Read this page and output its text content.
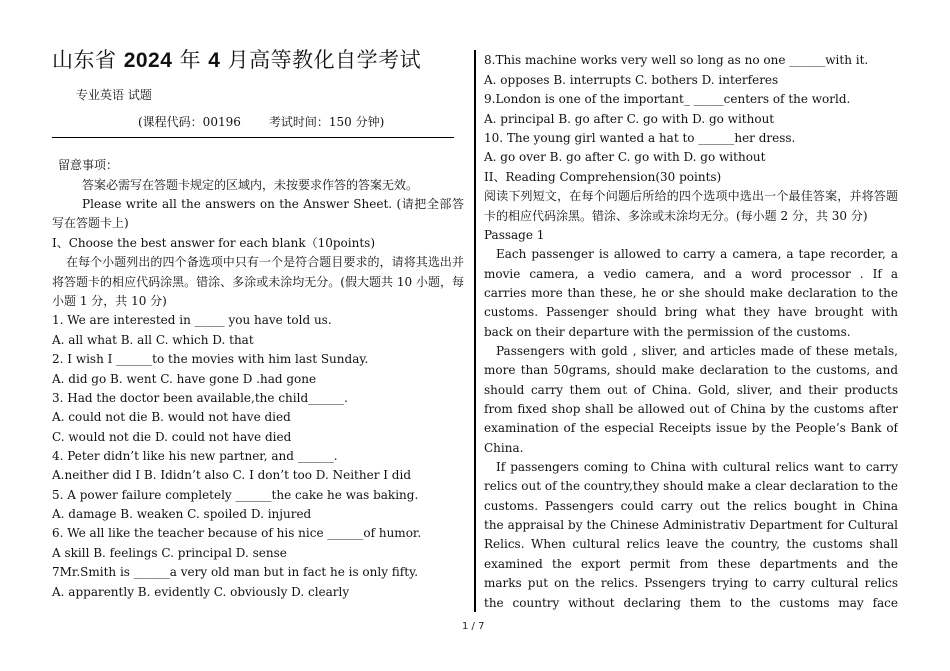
山东省 2024 年 4 月高等教化自学考试
专业英语 试题
(课程代码：00196 考试时间：150 分钟)
留意事项：
答案必需写在答题卡规定的区域内，未按要求作答的答案无效。
Please write all the answers on the Answer Sheet. (请把全部答
写在答题卡上)
I、Choose the best answer for each blank（10points)
在每个小题列出的四个备选项中只有一个是符合题目要求的，请将其选出并
将答题卡的相应代码涂黑。错涂、多涂或未涂均无分。(假大题共 10 小题，每
小题 1 分，共 10 分)
1. We are interested in _____ you have told us.
A. all what B. all C. which D. that
2. I wish I ______to the movies with him last Sunday.
A. did go B. went C. have gone D .had gone
3. Had the doctor been available,the child______.
A. could not die B. would not have died
C. would not die D. could not have died
4. Peter didn’t like his new partner, and ______.
A.neither did I B. Ididn’t also C. I don’t too D. Neither I did
5. A power failure completely ______the cake he was baking.
A. damage B. weaken C. spoiled D. injured
6. We all like the teacher because of his nice ______of humor.
A skill B. feelings C. principal D. sense
7Mr.Smith is ______a very old man but in fact he is only fifty.
A. apparently B. evidently C. obviously D. clearly
8.This machine works very well so long as no one ______with it.
A. opposes B. interrupts C. bothers D. interferes
9.London is one of the important_ _____centers of the world.
A. principal B. go after C. go with D. go without
10. The young girl wanted a hat to ______her dress.
A. go over B. go after C. go with D. go without
II、Reading Comprehension(30 points)
阅读下列短文，在每个问题后所给的四个选项中选出一个最佳答案，并将答题
卡的相应代码涂黑。错涂、多涂或未涂均无分。(每小题 2 分，共 30 分)
Passage 1
Each passenger is allowed to carry a camera, a tape recorder, a
movie camera, a vedio camera, and a word processor . If a
carries more than these, he or she should make declaration to the
customs. Passenger should bring what they have brought with
back on their departure with the permission of the customs.
Passengers with gold , sliver, and articles made of these metals,
more than 50grams, should make declaration to the customs, and
should carry them out of China. Gold, sliver, and their products
from fixed shop shall be allowed out of China by the customs after
examination of the especial Receipts issue by the People’s Bank of
China.
If passengers coming to China with cultural relics want to carry
relics out of the country,they should make a clear declaration to the
customs. Passengers could carry out the relics bought in China
the appraisal by the Chinese Administrativ Department for Cultural
Relics. When cultural relics leave the country, the customs shall
examined the export permit from these departments and the
marks put on the relics. Pssengers trying to carry cultural relics
the country without declaring them to the customs may face
1 / 7
